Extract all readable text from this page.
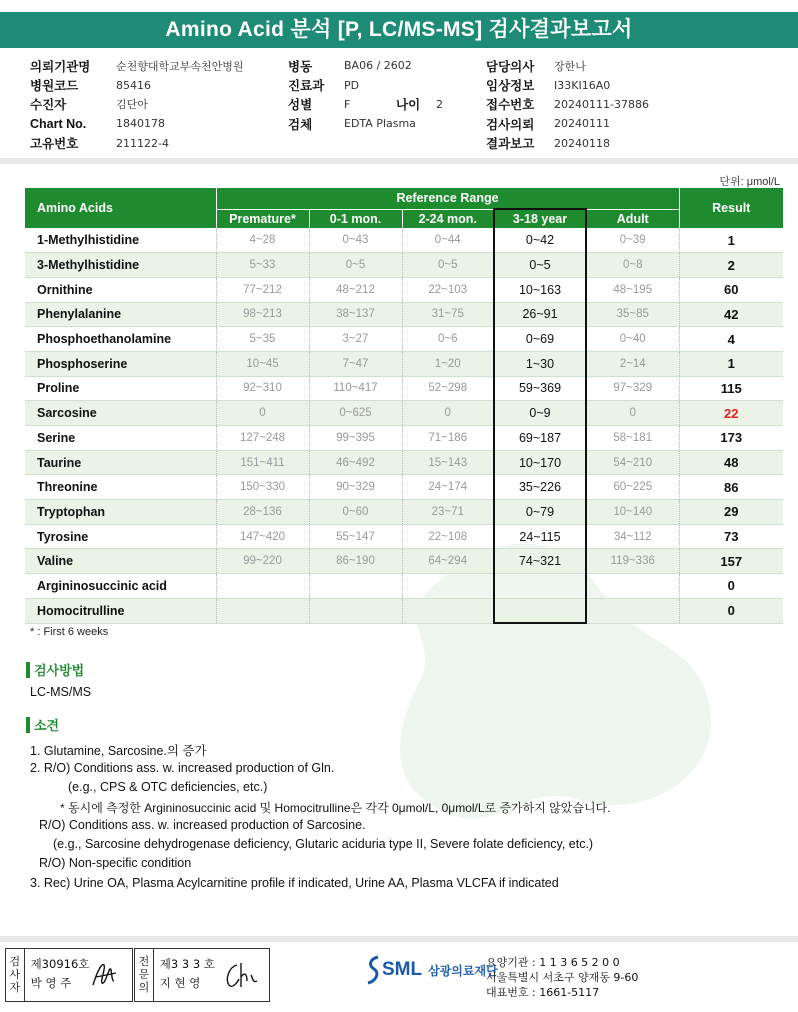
Amino Acid 분석 [P, LC/MS-MS] 검사결과보고서
의뢰기관명	순천향대학교부속천안병원
병원코드	85416
수진자	김단아
Chart No.	1840178
고유번호	211122-4
병동	BA06 / 2602
진료과	PD
성별	F	나이	2
검체	EDTA Plasma
담당의사	장한나
임상정보	I33KI16A0
접수번호	20240111-37886
검사의뢰	20240111
결과보고	20240118
단위: μmol/L
Amino Acids	Reference Range					Result
	Premature*	0-1 mon.	2-24 mon.	3-18 year	Adult	
1-Methylhistidine	4~28	0~43	0~44	0~42	0~39	1
3-Methylhistidine	5~33	0~5	0~5	0~5	0~8	2
Ornithine	77~212	48~212	22~103	10~163	48~195	60
Phenylalanine	98~213	38~137	31~75	26~91	35~85	42
Phosphoethanolamine	5~35	3~27	0~6	0~69	0~40	4
Phosphoserine	10~45	7~47	1~20	1~30	2~14	1
Proline	92~310	110~417	52~298	59~369	97~329	115
Sarcosine	0	0~625	0	0~9	0	22
Serine	127~248	99~395	71~186	69~187	58~181	173
Taurine	151~411	46~492	15~143	10~170	54~210	48
Threonine	150~330	90~329	24~174	35~226	60~225	86
Tryptophan	28~136	0~60	23~71	0~79	10~140	29
Tyrosine	147~420	55~147	22~108	24~115	34~112	73
Valine	99~220	86~190	64~294	74~321	119~336	157
Argininosuccinic acid						0
Homocitrulline						0
* : First 6 weeks
검사방법
LC-MS/MS
소견
1. Glutamine, Sarcosine.의 증가
2. R/O) Conditions ass. w. increased production of Gln.
(e.g., CPS & OTC deficiencies, etc.)
* 동시에 측정한 Argininosuccinic acid 및 Homocitrulline은 각각 0μmol/L, 0μmol/L로 증가하지 않았습니다.
R/O) Conditions ass. w. increased production of Sarcosine.
(e.g., Sarcosine dehydrogenase deficiency, Glutaric aciduria type II, Severe folate deficiency, etc.)
R/O) Non-specific condition
3. Rec) Urine OA, Plasma Acylcarnitine profile if indicated, Urine AA, Plasma VLCFA if indicated
검
사
자
제30916호
박 영 주
전
문
의
제3 3 3 호
지 현 영
SML 삼광의료재단
요양기관 : 1 1 3 6 5 2 0 0
서울특별시 서초구 양재동 9-60
대표번호 : 1661-5117
